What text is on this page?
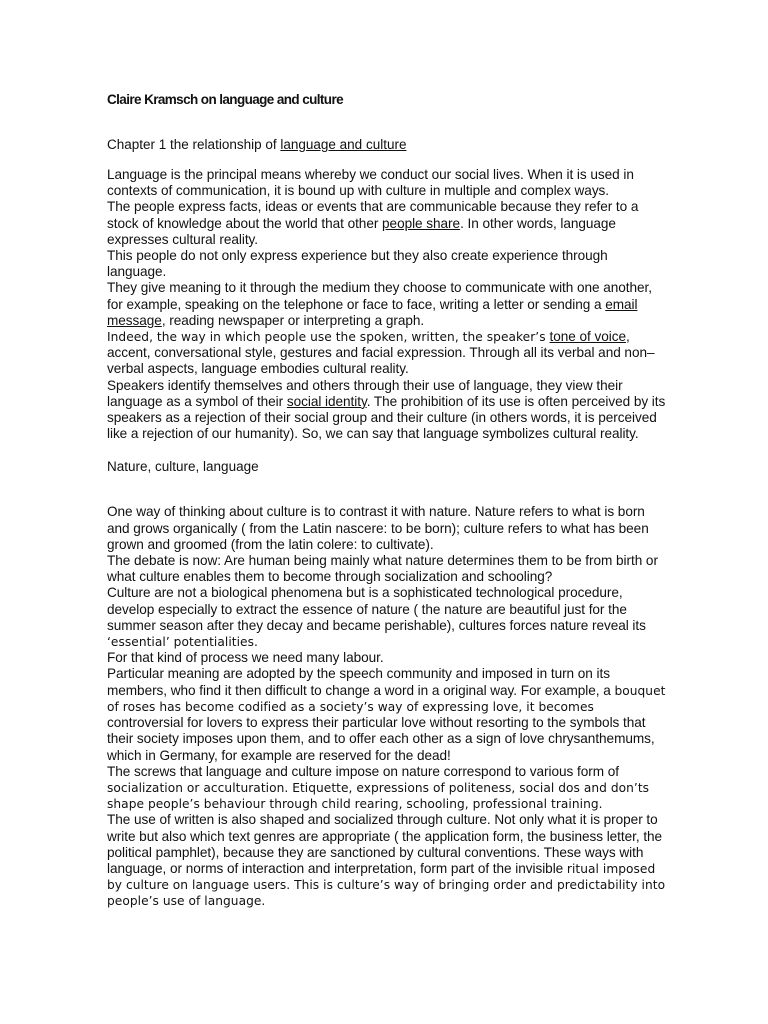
Claire Kramsch on language and culture
Chapter 1 the relationship of language and culture

Language is the principal means whereby we conduct our social lives. When it is used in contexts of communication, it is bound up with culture in multiple and complex ways.

The people express facts, ideas or events that are communicable because they refer to a stock of knowledge about the world that other people share. In other words, language expresses cultural reality.

This people do not only express experience but they also create experience through language.

They give meaning to it through the medium they choose to communicate with one another, for example, speaking on the telephone or face to face, writing a letter or sending a email message, reading newspaper or interpreting a graph.

Indeed, the way in which people use the spoken, written, the speaker’s tone of voice, accent, conversational style, gestures and facial expression. Through all its verbal and non–verbal aspects, language embodies cultural reality.

Speakers identify themselves and others through their use of language, they view their language as a symbol of their social identity. The prohibition of its use is often perceived by its speakers as a rejection of their social group and their culture (in others words, it is perceived like a rejection of our humanity). So, we can say that language symbolizes cultural reality.

Nature, culture, language

One way of thinking about culture is to contrast it with nature. Nature refers to what is born and grows organically ( from the Latin nascere: to be born); culture refers to what has been grown and groomed (from the latin colere: to cultivate).

The debate is now: Are human being mainly what nature determines them to be from birth or what culture enables them to become through socialization and schooling?

Culture are not a biological phenomena but is a sophisticated technological procedure, develop especially to extract the essence of nature ( the nature are beautiful just for the summer season after they decay and became perishable), cultures forces nature reveal its ‘essential’ potentialities.

For that kind of process we need many labour.

Particular meaning are adopted by the speech community and imposed in turn on its members, who find it then difficult to change a word in a original way. For example, a bouquet of roses has become codified as a society’s way of expressing love, it becomes controversial for lovers to express their particular love without resorting to the symbols that their society imposes upon them, and to offer each other as a sign of love chrysanthemums, which in Germany, for example are reserved for the dead!

The screws that language and culture impose on nature correspond to various form of socialization or acculturation. Etiquette, expressions of politeness, social dos and don’ts shape people’s behaviour through child rearing, schooling, professional training.

The use of written is also shaped and socialized through culture. Not only what it is proper to write but also which text genres are appropriate ( the application form, the business letter, the political pamphlet), because they are sanctioned by cultural conventions. These ways with language, or norms of interaction and interpretation, form part of the invisible ritual imposed by culture on language users. This is culture’s way of bringing order and predictability into people’s use of language.
